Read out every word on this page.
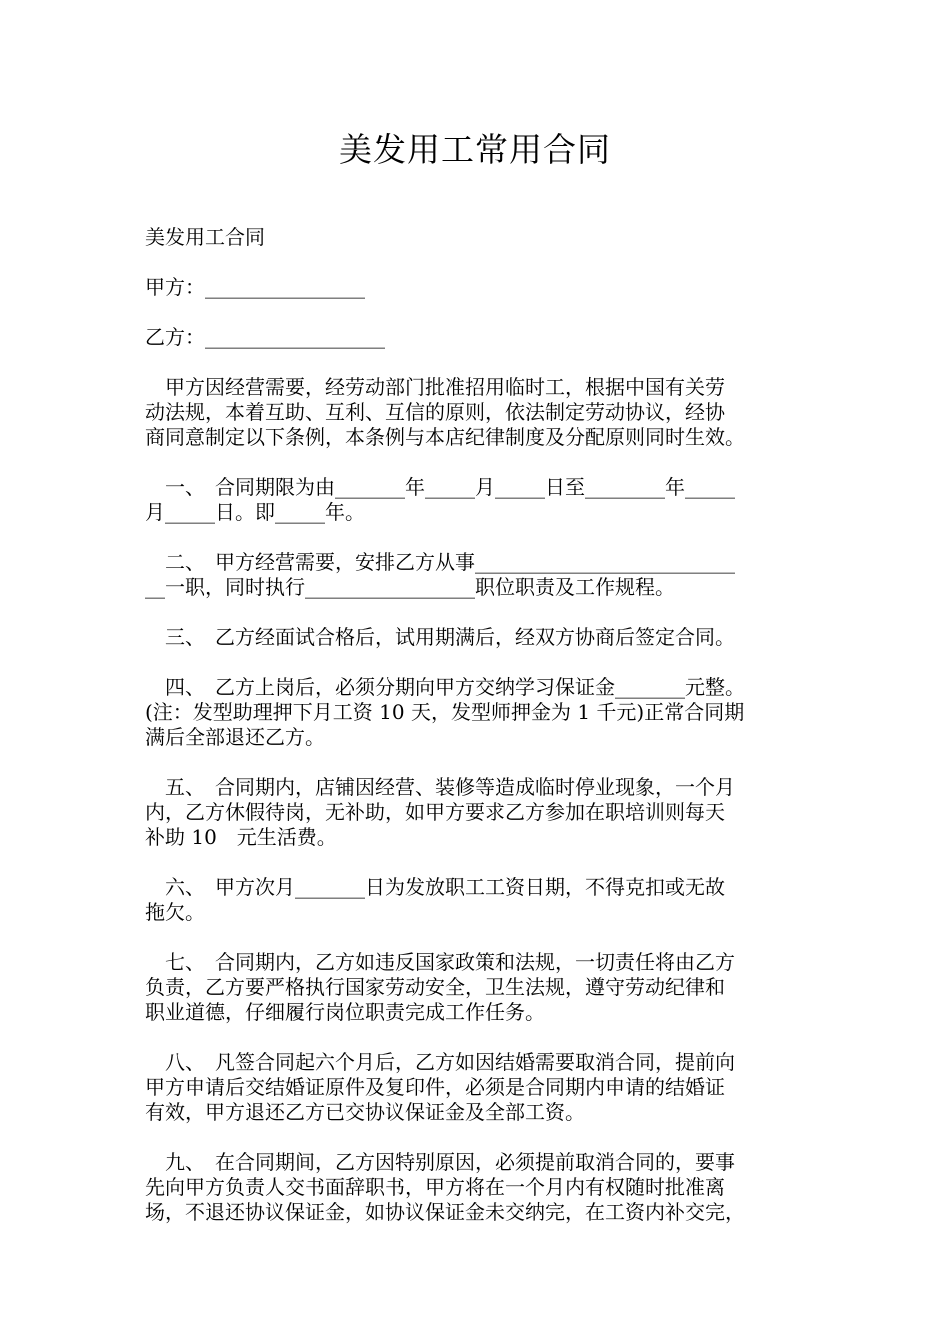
美发用工常用合同
美发用工合同
甲方：________________
乙方：__________________
　甲方因经营需要，经劳动部门批准招用临时工，根据中国有关劳
动法规，本着互助、互利、互信的原则，依法制定劳动协议，经协
商同意制定以下条例，本条例与本店纪律制度及分配原则同时生效。
　一、　合同期限为由_______年_____月_____日至________年_____
月_____日。即_____年。
　二、　甲方经营需要，安排乙方从事__________________________
__一职，同时执行_________________职位职责及工作规程。
　三、　乙方经面试合格后，试用期满后，经双方协商后签定合同。
　四、　乙方上岗后，必须分期向甲方交纳学习保证金_______元整。
(注：发型助理押下月工资 10 天，发型师押金为 1 千元)正常合同期
满后全部退还乙方。
　五、　合同期内，店铺因经营、装修等造成临时停业现象，一个月
内，乙方休假待岗，无补助，如甲方要求乙方参加在职培训则每天
补助 10　元生活费。
　六、　甲方次月_______日为发放职工工资日期，不得克扣或无故
拖欠。
　七、　合同期内，乙方如违反国家政策和法规，一切责任将由乙方
负责，乙方要严格执行国家劳动安全，卫生法规，遵守劳动纪律和
职业道德，仔细履行岗位职责完成工作任务。
　八、　凡签合同起六个月后，乙方如因结婚需要取消合同，提前向
甲方申请后交结婚证原件及复印件，必须是合同期内申请的结婚证
有效，甲方退还乙方已交协议保证金及全部工资。
　九、　在合同期间，乙方因特别原因，必须提前取消合同的，要事
先向甲方负责人交书面辞职书，甲方将在一个月内有权随时批准离
场，不退还协议保证金，如协议保证金未交纳完，在工资内补交完，
